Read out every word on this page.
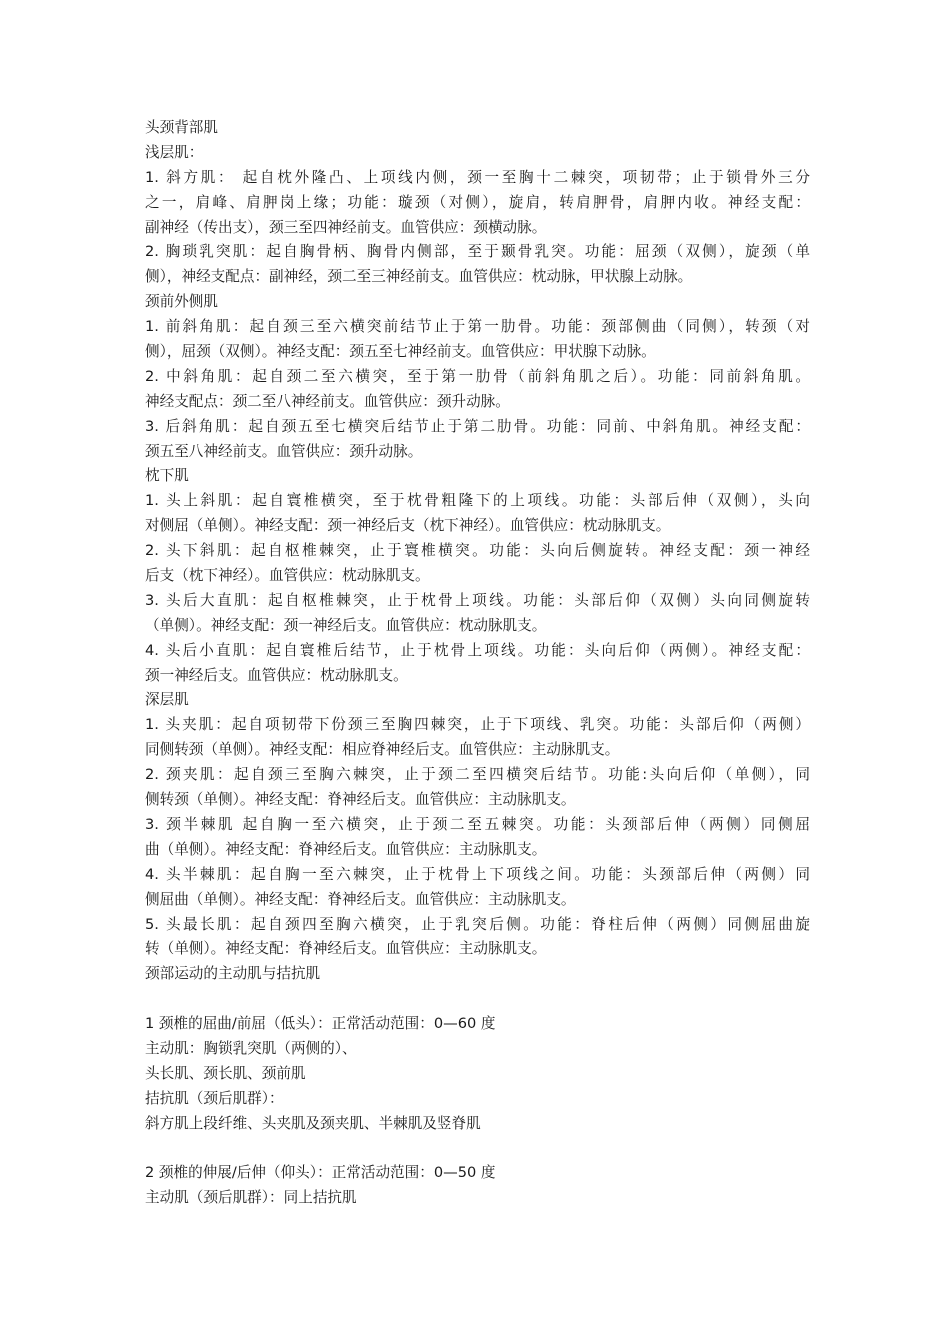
头颈背部肌
浅层肌：
1. 斜方肌： 起自枕外隆凸、上项线内侧，颈一至胸十二棘突，项韧带；止于锁骨外三分
之一，肩峰、肩胛岗上缘；功能：璇颈（对侧），旋肩，转肩胛骨，肩胛内收。神经支配：
副神经（传出支），颈三至四神经前支。血管供应：颈横动脉。
2. 胸琐乳突肌：起自胸骨柄、胸骨内侧部，至于颞骨乳突。功能：屈颈（双侧），旋颈（单
侧），神经支配点：副神经，颈二至三神经前支。血管供应：枕动脉，甲状腺上动脉。
颈前外侧肌
1. 前斜角肌：起自颈三至六横突前结节止于第一肋骨。功能：颈部侧曲（同侧），转颈（对
侧），屈颈（双侧）。神经支配：颈五至七神经前支。血管供应：甲状腺下动脉。
2. 中斜角肌：起自颈二至六横突，至于第一肋骨（前斜角肌之后）。功能：同前斜角肌。
神经支配点：颈二至八神经前支。血管供应：颈升动脉。
3. 后斜角肌：起自颈五至七横突后结节止于第二肋骨。功能：同前、中斜角肌。神经支配：
颈五至八神经前支。血管供应：颈升动脉。
枕下肌
1. 头上斜肌：起自寰椎横突，至于枕骨粗隆下的上项线。功能：头部后伸（双侧），头向
对侧屈（单侧）。神经支配：颈一神经后支（枕下神经）。血管供应：枕动脉肌支。
2. 头下斜肌：起自枢椎棘突，止于寰椎横突。功能：头向后侧旋转。神经支配：颈一神经
后支（枕下神经）。血管供应：枕动脉肌支。
3. 头后大直肌：起自枢椎棘突，止于枕骨上项线。功能：头部后仰（双侧）头向同侧旋转
（单侧）。神经支配：颈一神经后支。血管供应：枕动脉肌支。
4. 头后小直肌：起自寰椎后结节，止于枕骨上项线。功能：头向后仰（两侧）。神经支配：
颈一神经后支。血管供应：枕动脉肌支。
深层肌
1. 头夹肌：起自项韧带下份颈三至胸四棘突，止于下项线、乳突。功能：头部后仰（两侧）
同侧转颈（单侧）。神经支配：相应脊神经后支。血管供应：主动脉肌支。
2. 颈夹肌：起自颈三至胸六棘突，止于颈二至四横突后结节。功能:头向后仰（单侧），同
侧转颈（单侧）。神经支配：脊神经后支。血管供应：主动脉肌支。
3. 颈半棘肌 起自胸一至六横突，止于颈二至五棘突。功能：头颈部后伸（两侧）同侧屈
曲（单侧）。神经支配：脊神经后支。血管供应：主动脉肌支。
4. 头半棘肌：起自胸一至六棘突，止于枕骨上下项线之间。功能：头颈部后伸（两侧）同
侧屈曲（单侧）。神经支配：脊神经后支。血管供应：主动脉肌支。
5. 头最长肌：起自颈四至胸六横突，止于乳突后侧。功能：脊柱后伸（两侧）同侧屈曲旋
转（单侧）。神经支配：脊神经后支。血管供应：主动脉肌支。
颈部运动的主动肌与拮抗肌
1 颈椎的屈曲/前屈（低头）：正常活动范围：0—60 度
主动肌：胸锁乳突肌（两侧的）、
头长肌、颈长肌、颈前肌
拮抗肌（颈后肌群）：
斜方肌上段纤维、头夹肌及颈夹肌、半棘肌及竖脊肌
2 颈椎的伸展/后伸（仰头）：正常活动范围：0—50 度
主动肌（颈后肌群）：同上拮抗肌
